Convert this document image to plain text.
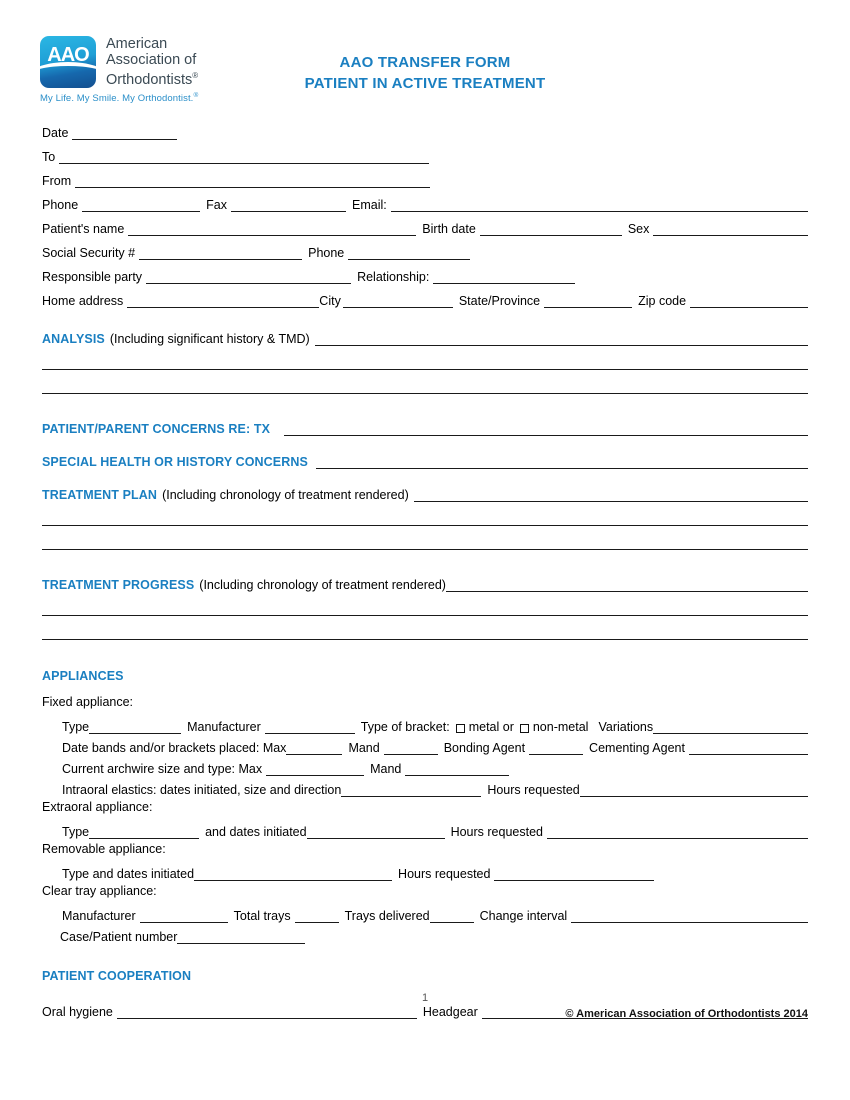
AAO	American
Association of
Orthodontists®
My Life. My Smile. My Orthodontist.®
AAO TRANSFER FORM
PATIENT IN ACTIVE TREATMENT
Date
To
From
Phone	Fax	Email:
Patient's name	Birth date	Sex
Social Security #	Phone
Responsible party	Relationship:
Home address	City	State/Province	Zip code
ANALYSIS (Including significant history & TMD)
PATIENT/PARENT CONCERNS RE: TX
SPECIAL HEALTH OR HISTORY CONCERNS
TREATMENT PLAN (Including chronology of treatment rendered)
TREATMENT PROGRESS (Including chronology of treatment rendered)
APPLIANCES
Fixed appliance:
Type	Manufacturer	Type of bracket:	metal or	non-metal Variations
Date bands and/or brackets placed: Max	Mand	Bonding Agent	Cementing Agent
Current archwire size and type: Max	Mand
Intraoral elastics: dates initiated, size and direction	Hours requested
Extraoral appliance:
Type	and dates initiated	Hours requested
Removable appliance:
Type and dates initiated	Hours requested
Clear tray appliance:
Manufacturer	Total trays	Trays delivered	Change interval
Case/Patient number
PATIENT COOPERATION
Oral hygiene	Headgear
1
© American Association of Orthodontists 2014
